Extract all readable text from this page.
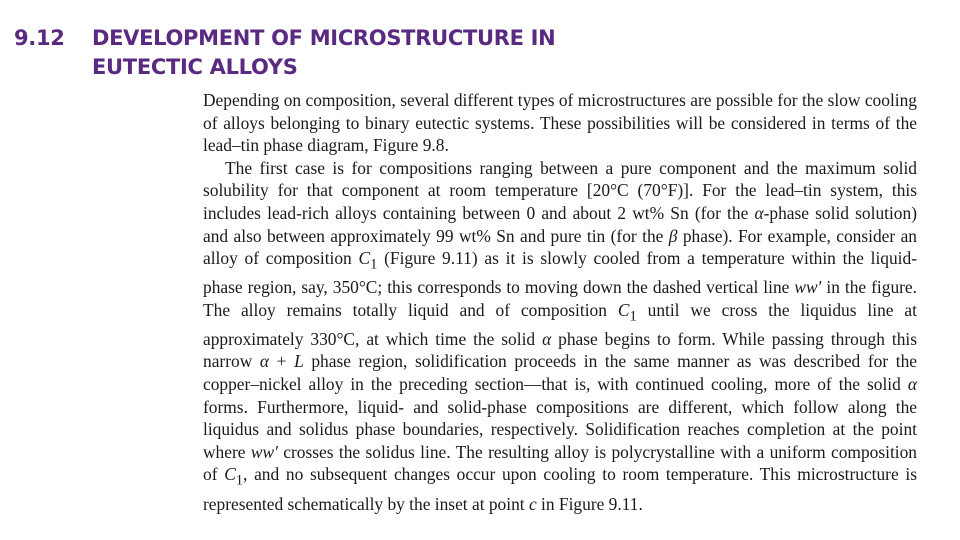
9.12 DEVELOPMENT OF MICROSTRUCTURE IN
EUTECTIC ALLOYS

Depending on composition, several different types of microstructures are possible for the slow cooling of alloys belonging to binary eutectic systems. These possibilities will be considered in terms of the lead–tin phase diagram, Figure 9.8.

The first case is for compositions ranging between a pure component and the maximum solid solubility for that component at room temperature [20°C (70°F)]. For the lead–tin system, this includes lead-rich alloys containing between 0 and about 2 wt% Sn (for the α-phase solid solution) and also between approximately 99 wt% Sn and pure tin (for the β phase). For example, consider an alloy of composition $C_1$ (Figure 9.11) as it is slowly cooled from a temperature within the liquid-phase region, say, 350°C; this corresponds to moving down the dashed vertical line ww′ in the figure. The alloy remains totally liquid and of composition $C_1$ until we cross the liquidus line at approximately 330°C, at which time the solid α phase begins to form. While passing through this narrow α + L phase region, solidification proceeds in the same manner as was described for the copper–nickel alloy in the preceding section—that is, with continued cooling, more of the solid α forms. Furthermore, liquid- and solid-phase compositions are different, which follow along the liquidus and solidus phase boundaries, respectively. Solidification reaches completion at the point where ww′ crosses the solidus line. The resulting alloy is polycrystalline with a uniform composition of $C_1$, and no subsequent changes occur upon cooling to room temperature. This microstructure is represented schematically by the inset at point c in Figure 9.11.
